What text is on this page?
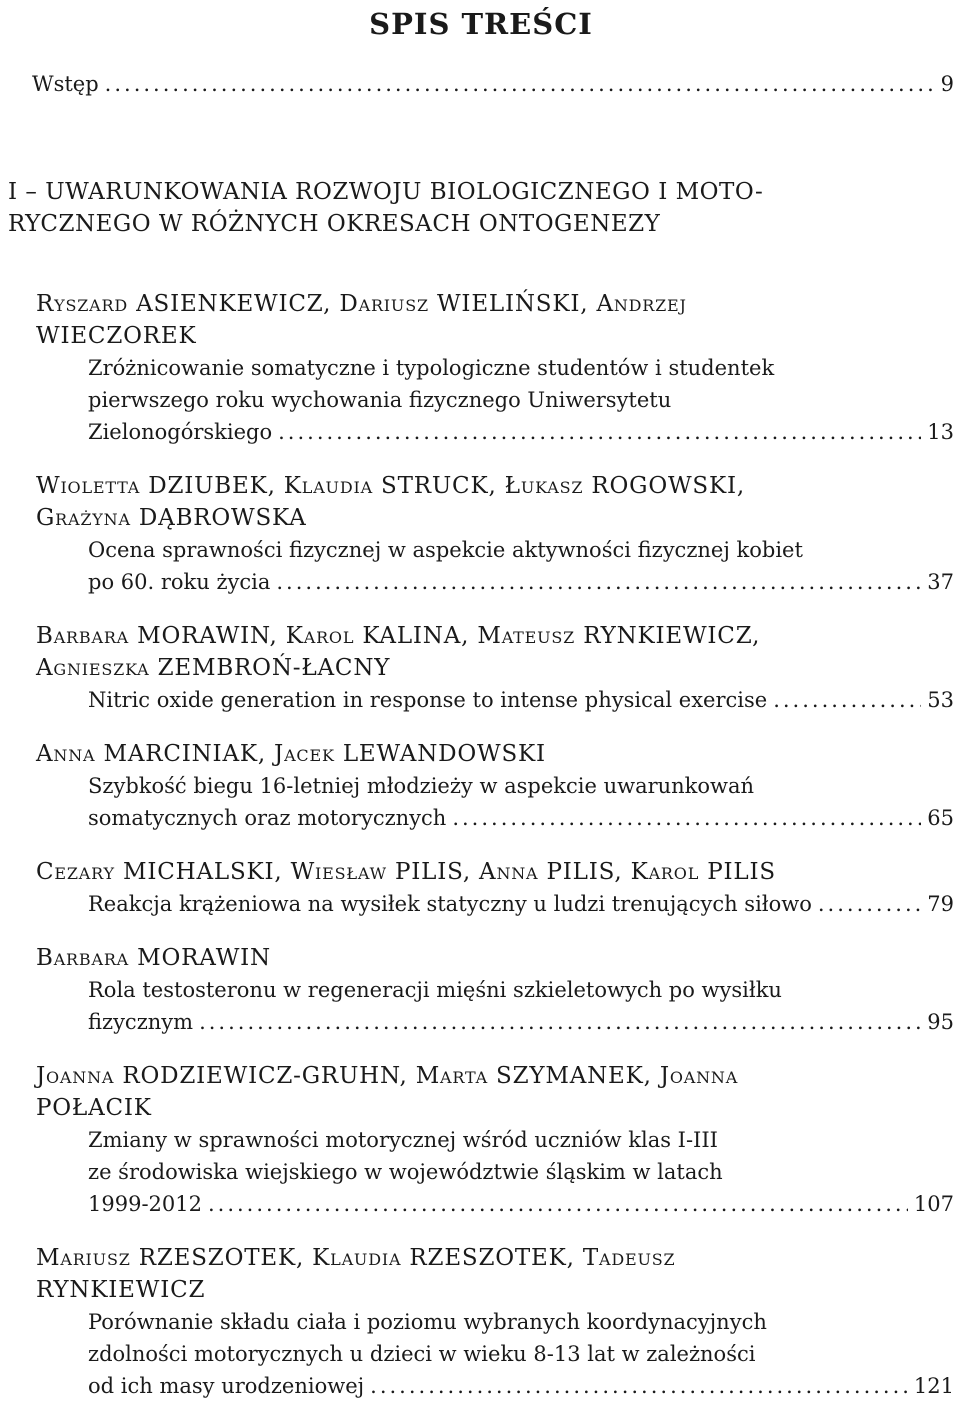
SPIS TREŚCI
Wstęp .....	9
I – UWARUNKOWANIA ROZWOJU BIOLOGICZNEGO I MOTO-
RYCZNEGO W RÓŻNYCH OKRESACH ONTOGENEZY
Ryszard ASIENKEWICZ, Dariusz WIELIŃSKI, Andrzej
WIECZOREK
Zróżnicowanie somatyczne i typologiczne studentów i studentek
pierwszego roku wychowania fizycznego Uniwersytetu
Zielonogórskiego .....	13
Wioletta DZIUBEK, Klaudia STRUCK, Łukasz ROGOWSKI,
Grażyna DĄBROWSKA
Ocena sprawności fizycznej w aspekcie aktywności fizycznej kobiet
po 60. roku życia .....	37
Barbara MORAWIN, Karol KALINA, Mateusz RYNKIEWICZ,
Agnieszka ZEMBROŃ-ŁACNY
Nitric oxide generation in response to intense physical exercise .....	53
Anna MARCINIAK, Jacek LEWANDOWSKI
Szybkość biegu 16-letniej młodzieży w aspekcie uwarunkowań
somatycznych oraz motorycznych .....	65
Cezary MICHALSKI, Wiesław PILIS, Anna PILIS, Karol PILIS
Reakcja krążeniowa na wysiłek statyczny u ludzi trenujących siłowo .....	79
Barbara MORAWIN
Rola testosteronu w regeneracji mięśni szkieletowych po wysiłku
fizycznym .....	95
Joanna RODZIEWICZ-GRUHN, Marta SZYMANEK, Joanna
POŁACIK
Zmiany w sprawności motorycznej wśród uczniów klas I-III
ze środowiska wiejskiego w województwie śląskim w latach
1999-2012 .....	107
Mariusz RZESZOTEK, Klaudia RZESZOTEK, Tadeusz
RYNKIEWICZ
Porównanie składu ciała i poziomu wybranych koordynacyjnych
zdolności motorycznych u dzieci w wieku 8-13 lat w zależności
od ich masy urodzeniowej .....	121
